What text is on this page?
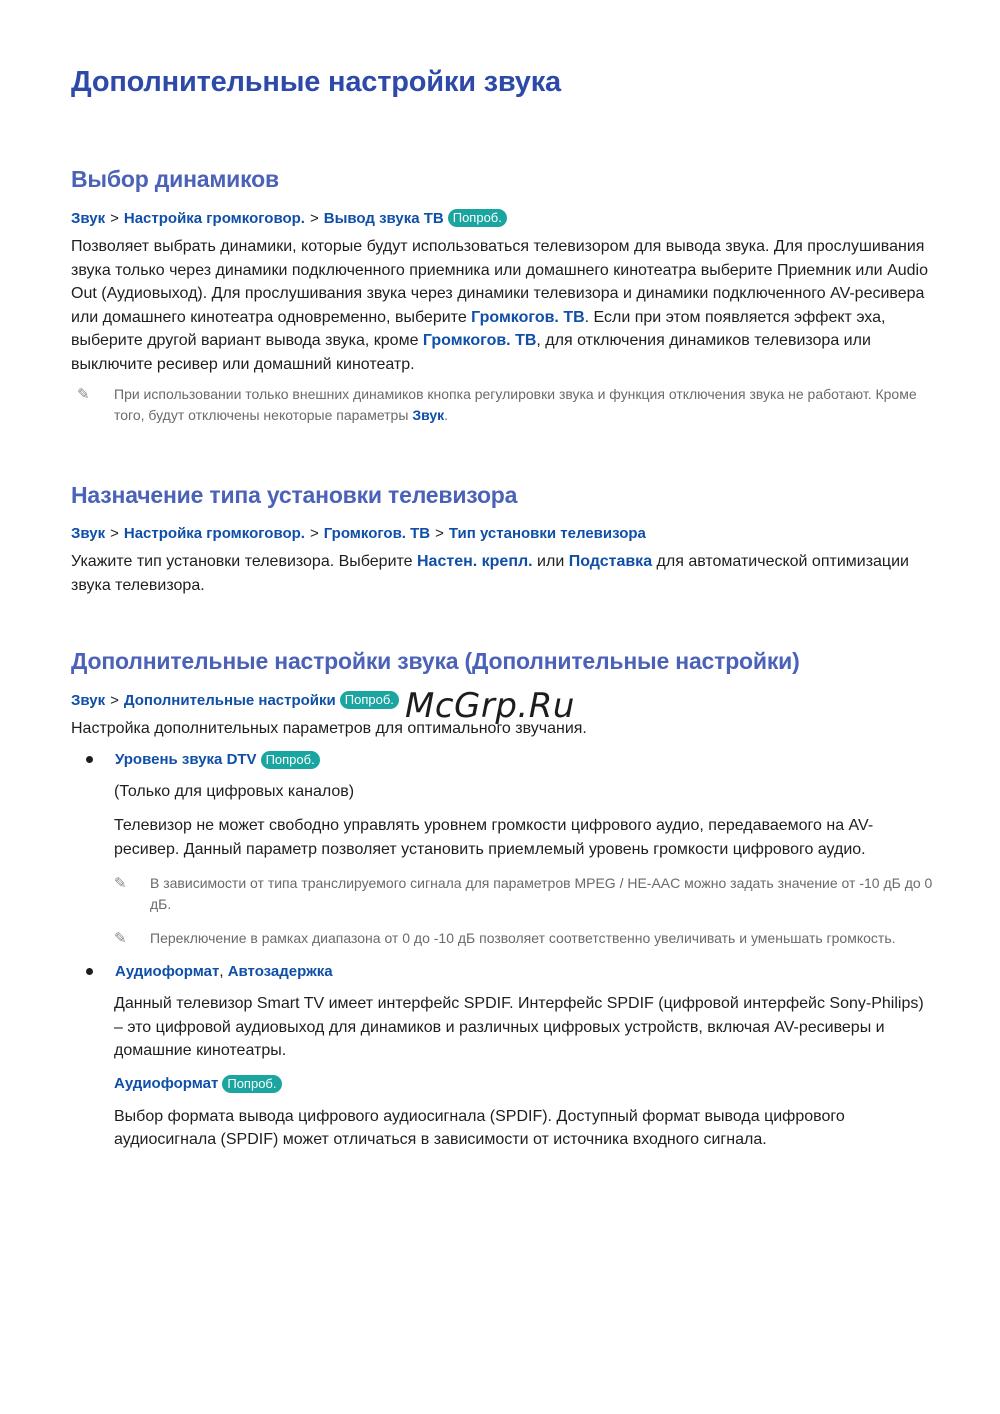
Дополнительные настройки звука
Выбор динамиков
Звук > Настройка громкоговор. > Вывод звука ТВ Попроб.

Позволяет выбрать динамики, которые будут использоваться телевизором для вывода звука. Для прослушивания звука только через динамики подключенного приемника или домашнего кинотеатра выберите Приемник или Audio Out (Аудиовыход). Для прослушивания звука через динамики телевизора и динамики подключенного AV-ресивера или домашнего кинотеатра одновременно, выберите Громкогов. ТВ. Если при этом появляется эффект эха, выберите другой вариант вывода звука, кроме Громкогов. ТВ, для отключения динамиков телевизора или выключите ресивер или домашний кинотеатр.

✎	При использовании только внешних динамиков кнопка регулировки звука и функция отключения звука не работают. Кроме того, будут отключены некоторые параметры Звук.
Назначение типа установки телевизора
Звук > Настройка громкоговор. > Громкогов. ТВ > Тип установки телевизора

Укажите тип установки телевизора. Выберите Настен. крепл. или Подставка для автоматической оптимизации звука телевизора.

Дополнительные настройки звука (Дополнительные настройки)
Звук > Дополнительные настройки Попроб.

Настройка дополнительных параметров для оптимального звучания.

Уровень звука DTV Попроб.

(Только для цифровых каналов)

Телевизор не может свободно управлять уровнем громкости цифрового аудио, передаваемого на AV-ресивер. Данный параметр позволяет установить приемлемый уровень громкости цифрового аудио.

✎	В зависимости от типа транслируемого сигнала для параметров MPEG / HE-AAC можно задать значение от -10 дБ до 0 дБ.
✎	Переключение в рамках диапазона от 0 до -10 дБ позволяет соответственно увеличивать и уменьшать громкость.
Аудиоформат , Автозадержка

Данный телевизор Smart TV имеет интерфейс SPDIF. Интерфейс SPDIF (цифровой интерфейс Sony-Philips) – это цифровой аудиовыход для динамиков и различных цифровых устройств, включая AV-ресиверы и домашние кинотеатры.

Аудиоформат Попроб.

Выбор формата вывода цифрового аудиосигнала (SPDIF). Доступный формат вывода цифрового аудиосигнала (SPDIF) может отличаться в зависимости от источника входного сигнала.

McGrp.Ru
